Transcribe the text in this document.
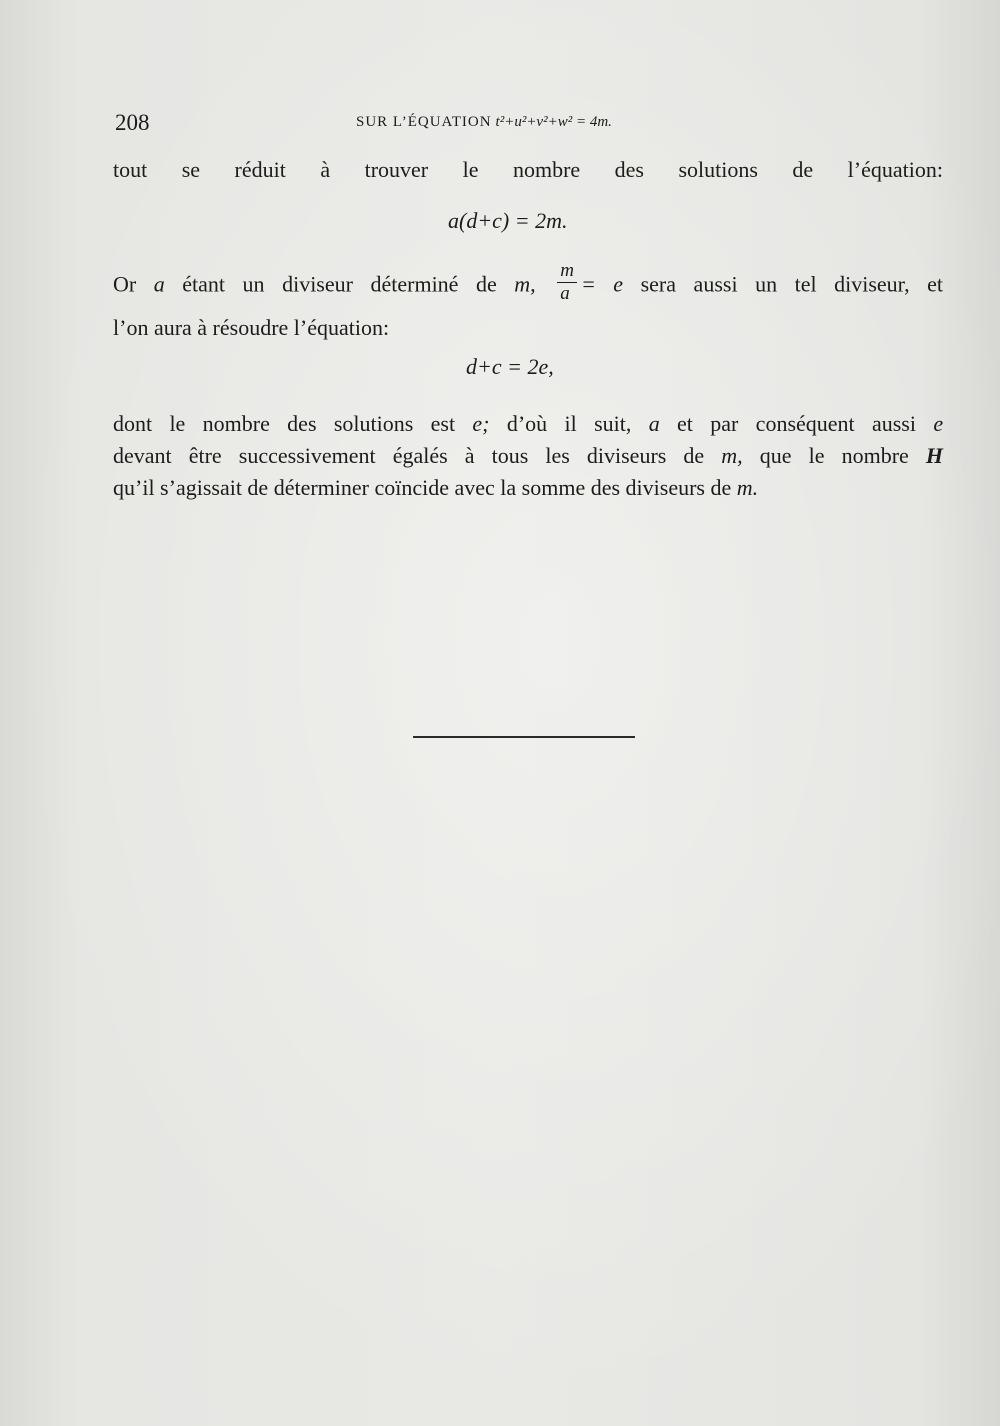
208	SUR L’ÉQUATION t²+u²+v²+w² = 4m.
tout se réduit à trouver le nombre des solutions de l’équation:
a(d+c) = 2m.
Or a étant un diviseur déterminé de m, $\frac{m}{a} = e$ sera aussi un tel diviseur, et
l’on aura à résoudre l’équation:
d+c = 2e,
dont le nombre des solutions est e; d’où il suit, a et par conséquent aussi e
devant être successivement égalés à tous les diviseurs de m, que le nombre H
qu’il s’agissait de déterminer coïncide avec la somme des diviseurs de m.
